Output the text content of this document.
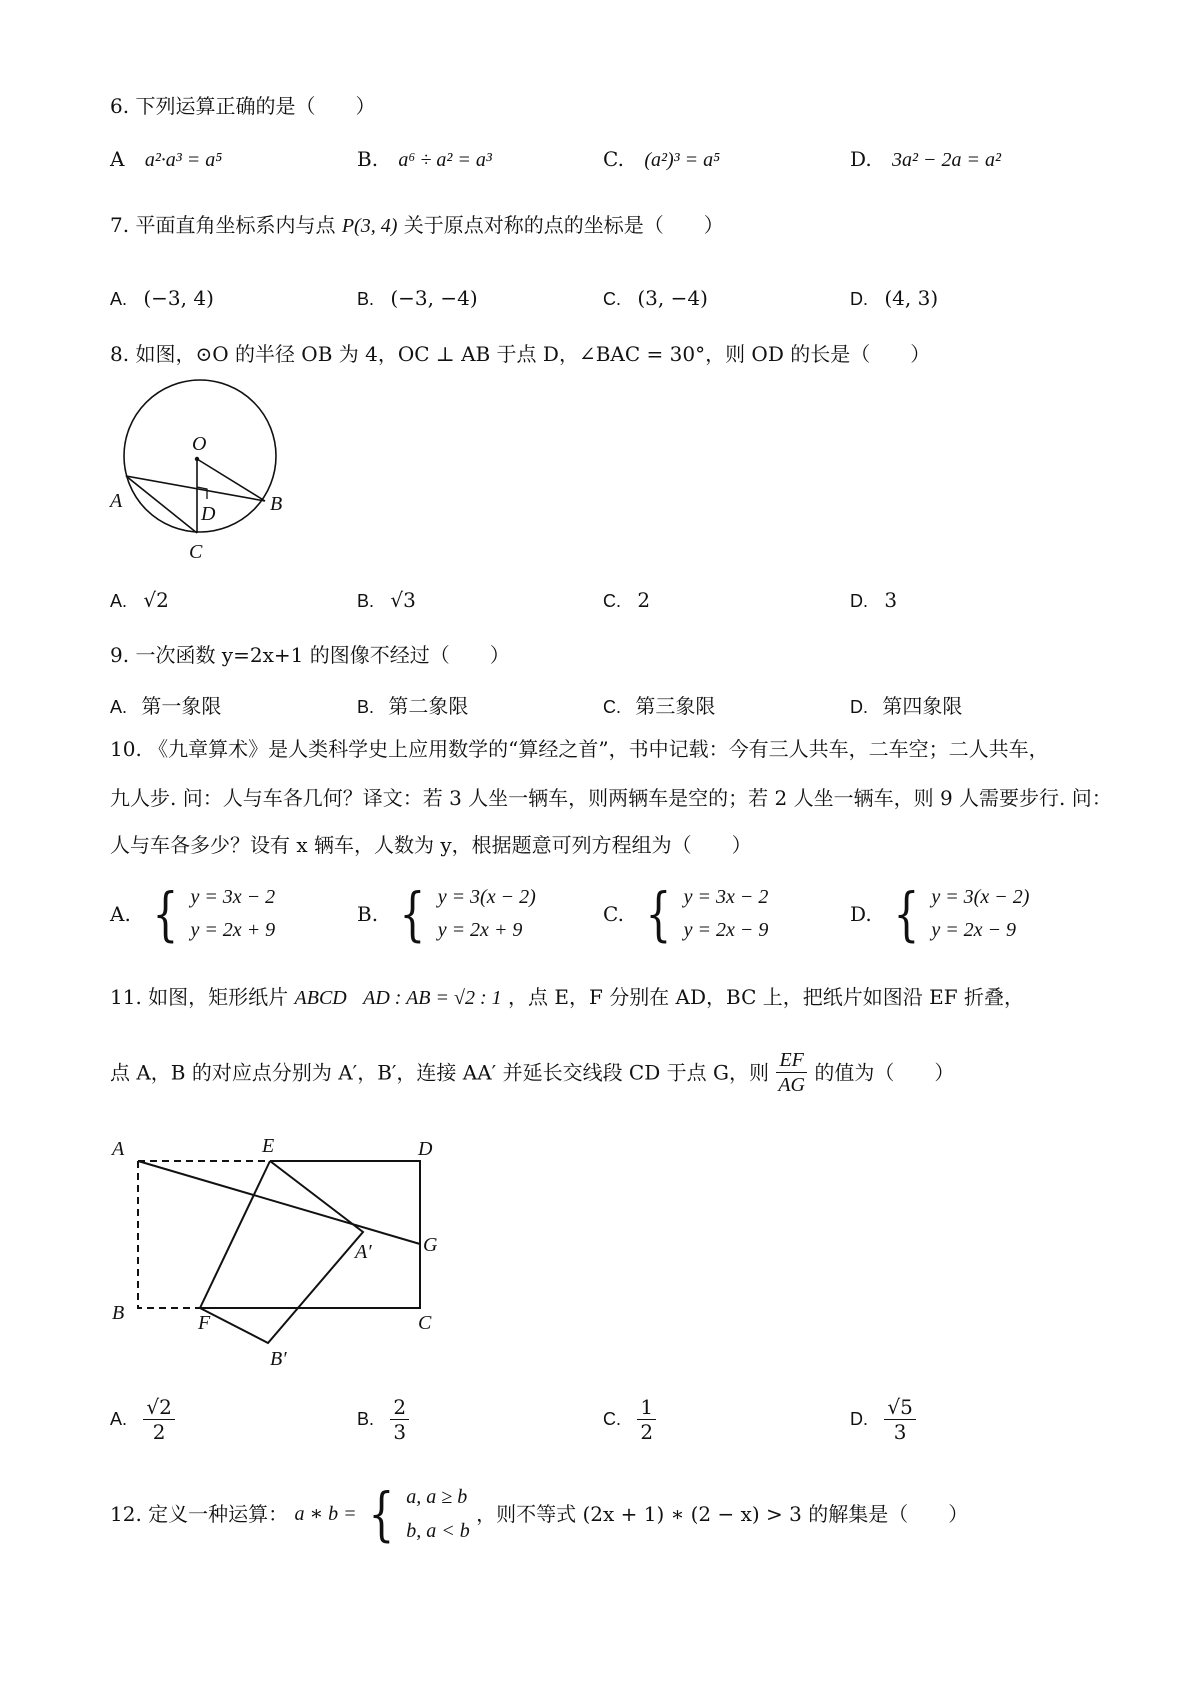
6. 下列运算正确的是（　　）
A a²·a³ = a⁵	B. a⁶ ÷ a² = a³	C. (a²)³ = a⁵	D. 3a² − 2a = a²
7. 平面直角坐标系内与点 P(3, 4) 关于原点对称的点的坐标是（　　）
A. (−3, 4)	B. (−3, −4)	C. (3, −4)	D. (4, 3)
8. 如图，⊙O 的半径 OB 为 4，OC ⊥ AB 于点 D，∠BAC = 30°，则 OD 的长是（　　）
O
A	B
D
C
A. √2	B. √3	C. 2	D. 3
9. 一次函数 y=2x+1 的图像不经过（　　）
A. 第一象限	B. 第二象限	C. 第三象限	D. 第四象限
10. 《九章算术》是人类科学史上应用数学的“算经之首”，书中记载：今有三人共车，二车空；二人共车，
九人步. 问：人与车各几何？译文：若 3 人坐一辆车，则两辆车是空的；若 2 人坐一辆车，则 9 人需要步行. 问：
人与车各多少？设有 x 辆车，人数为 y，根据题意可列方程组为（　　）
A. { y = 3x − 2
y = 2x + 9
B. { y = 3(x − 2)
y = 2x + 9
C. { y = 3x − 2
y = 2x − 9
D. { y = 3(x − 2)
y = 2x − 9
11. 如图，矩形纸片 ABCD AD : AB = √2 : 1 ，点 E，F 分别在 AD，BC 上，把纸片如图沿 EF 折叠，
点 A，B 的对应点分别为 A′，B′，连接 AA′ 并延长交线段 CD 于点 G，则 $\frac{EF}{AG}$ 的值为（　　）
A	E	D
A′	G
B	F	C
B′
A. $\frac{√2}{2}$	B. $\frac{2}{3}$	C. $\frac{1}{2}$	D. $\frac{√5}{3}$
12. 定义一种运算： a ∗ b = { a, a ≥ b
b, a < b
，则不等式 (2x + 1) ∗ (2 − x) > 3 的解集是（　　）
